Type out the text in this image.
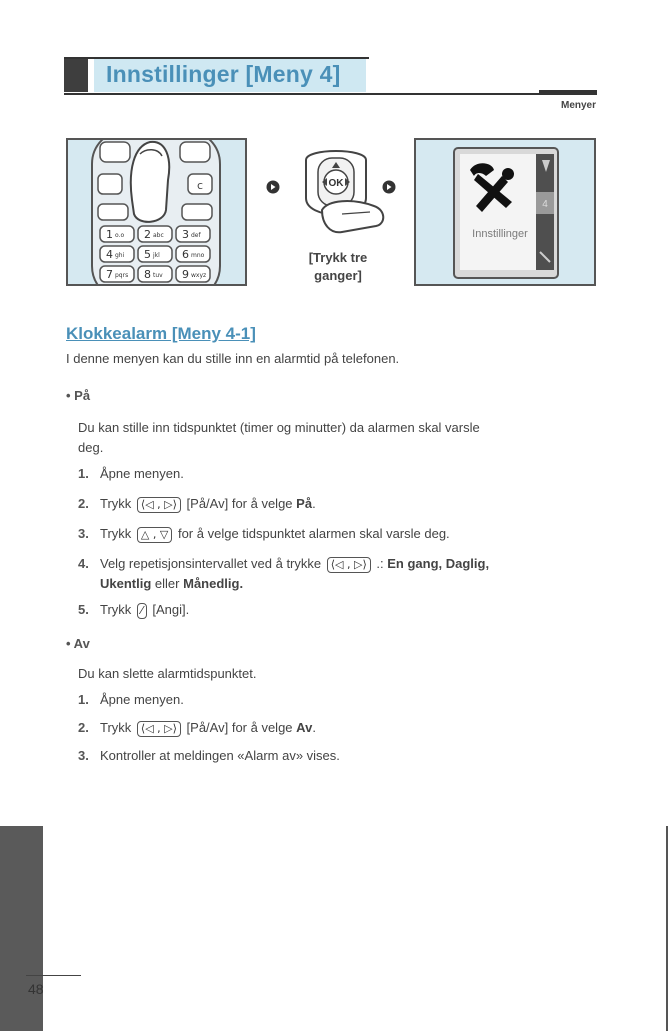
Innstillinger [Meny 4]
Menyer
c
1 o.o 2 abc 3 def
4 ghi 5 jkl 6 mno
7 pqrs 8 tuv 9 wxyz
OK
[Trykk tre
ganger]
4
Innstillinger
Klokkealarm [Meny 4-1]
I denne menyen kan du stille inn en alarmtid på telefonen.
• På
Du kan stille inn tidspunktet (timer og minutter) da alarmen skal varsle
deg.
1. Åpne menyen.
2. Trykk ⟨◁ , ▷⟩ [På/Av] for å velge På.
3. Trykk △ , ▽ for å velge tidspunktet alarmen skal varsle deg.
4. Velg repetisjonsintervallet ved å trykke ⟨◁ , ▷⟩ .: En gang, Daglig,
Ukentlig eller Månedlig.
5. Trykk ⁄ [Angi].
• Av
Du kan slette alarmtidspunktet.
1. Åpne menyen.
2. Trykk ⟨◁ , ▷⟩ [På/Av] for å velge Av.
3. Kontroller at meldingen «Alarm av» vises.
48
